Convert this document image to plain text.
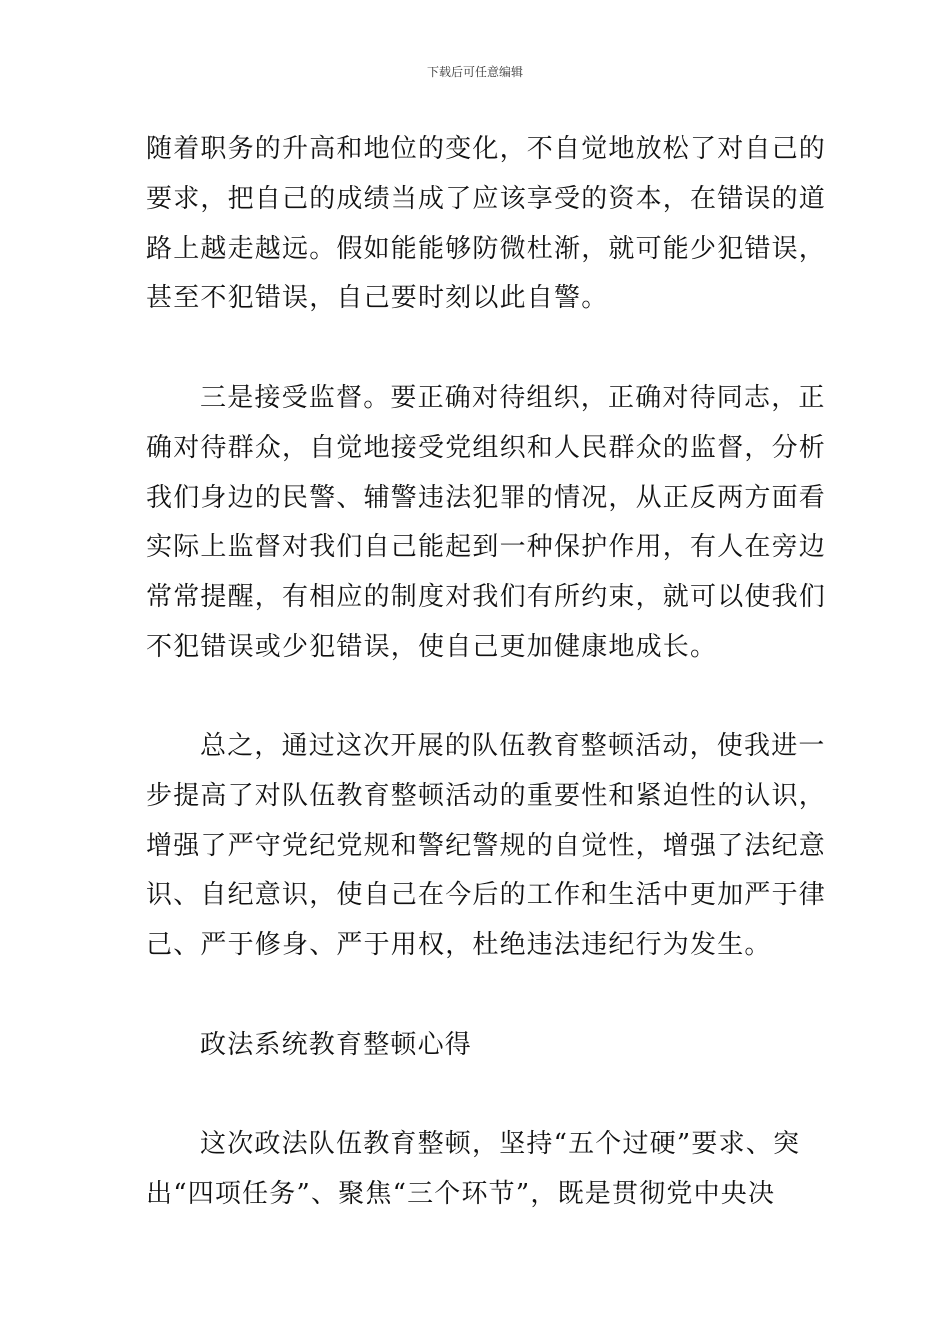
下载后可任意编辑
随着职务的升高和地位的变化，不自觉地放松了对自己的
要求，把自己的成绩当成了应该享受的资本，在错误的道
路上越走越远。假如能能够防微杜渐，就可能少犯错误，
甚至不犯错误，自己要时刻以此自警。
三是接受监督。要正确对待组织，正确对待同志，正
确对待群众，自觉地接受党组织和人民群众的监督，分析
我们身边的民警、辅警违法犯罪的情况，从正反两方面看
实际上监督对我们自己能起到一种保护作用，有人在旁边
常常提醒，有相应的制度对我们有所约束，就可以使我们
不犯错误或少犯错误，使自己更加健康地成长。
总之，通过这次开展的队伍教育整顿活动，使我进一
步提高了对队伍教育整顿活动的重要性和紧迫性的认识，
增强了严守党纪党规和警纪警规的自觉性，增强了法纪意
识、自纪意识，使自己在今后的工作和生活中更加严于律
己、严于修身、严于用权，杜绝违法违纪行为发生。
政法系统教育整顿心得
这次政法队伍教育整顿，坚持“五个过硬”要求、突
出“四项任务”、聚焦“三个环节”，既是贯彻党中央决
